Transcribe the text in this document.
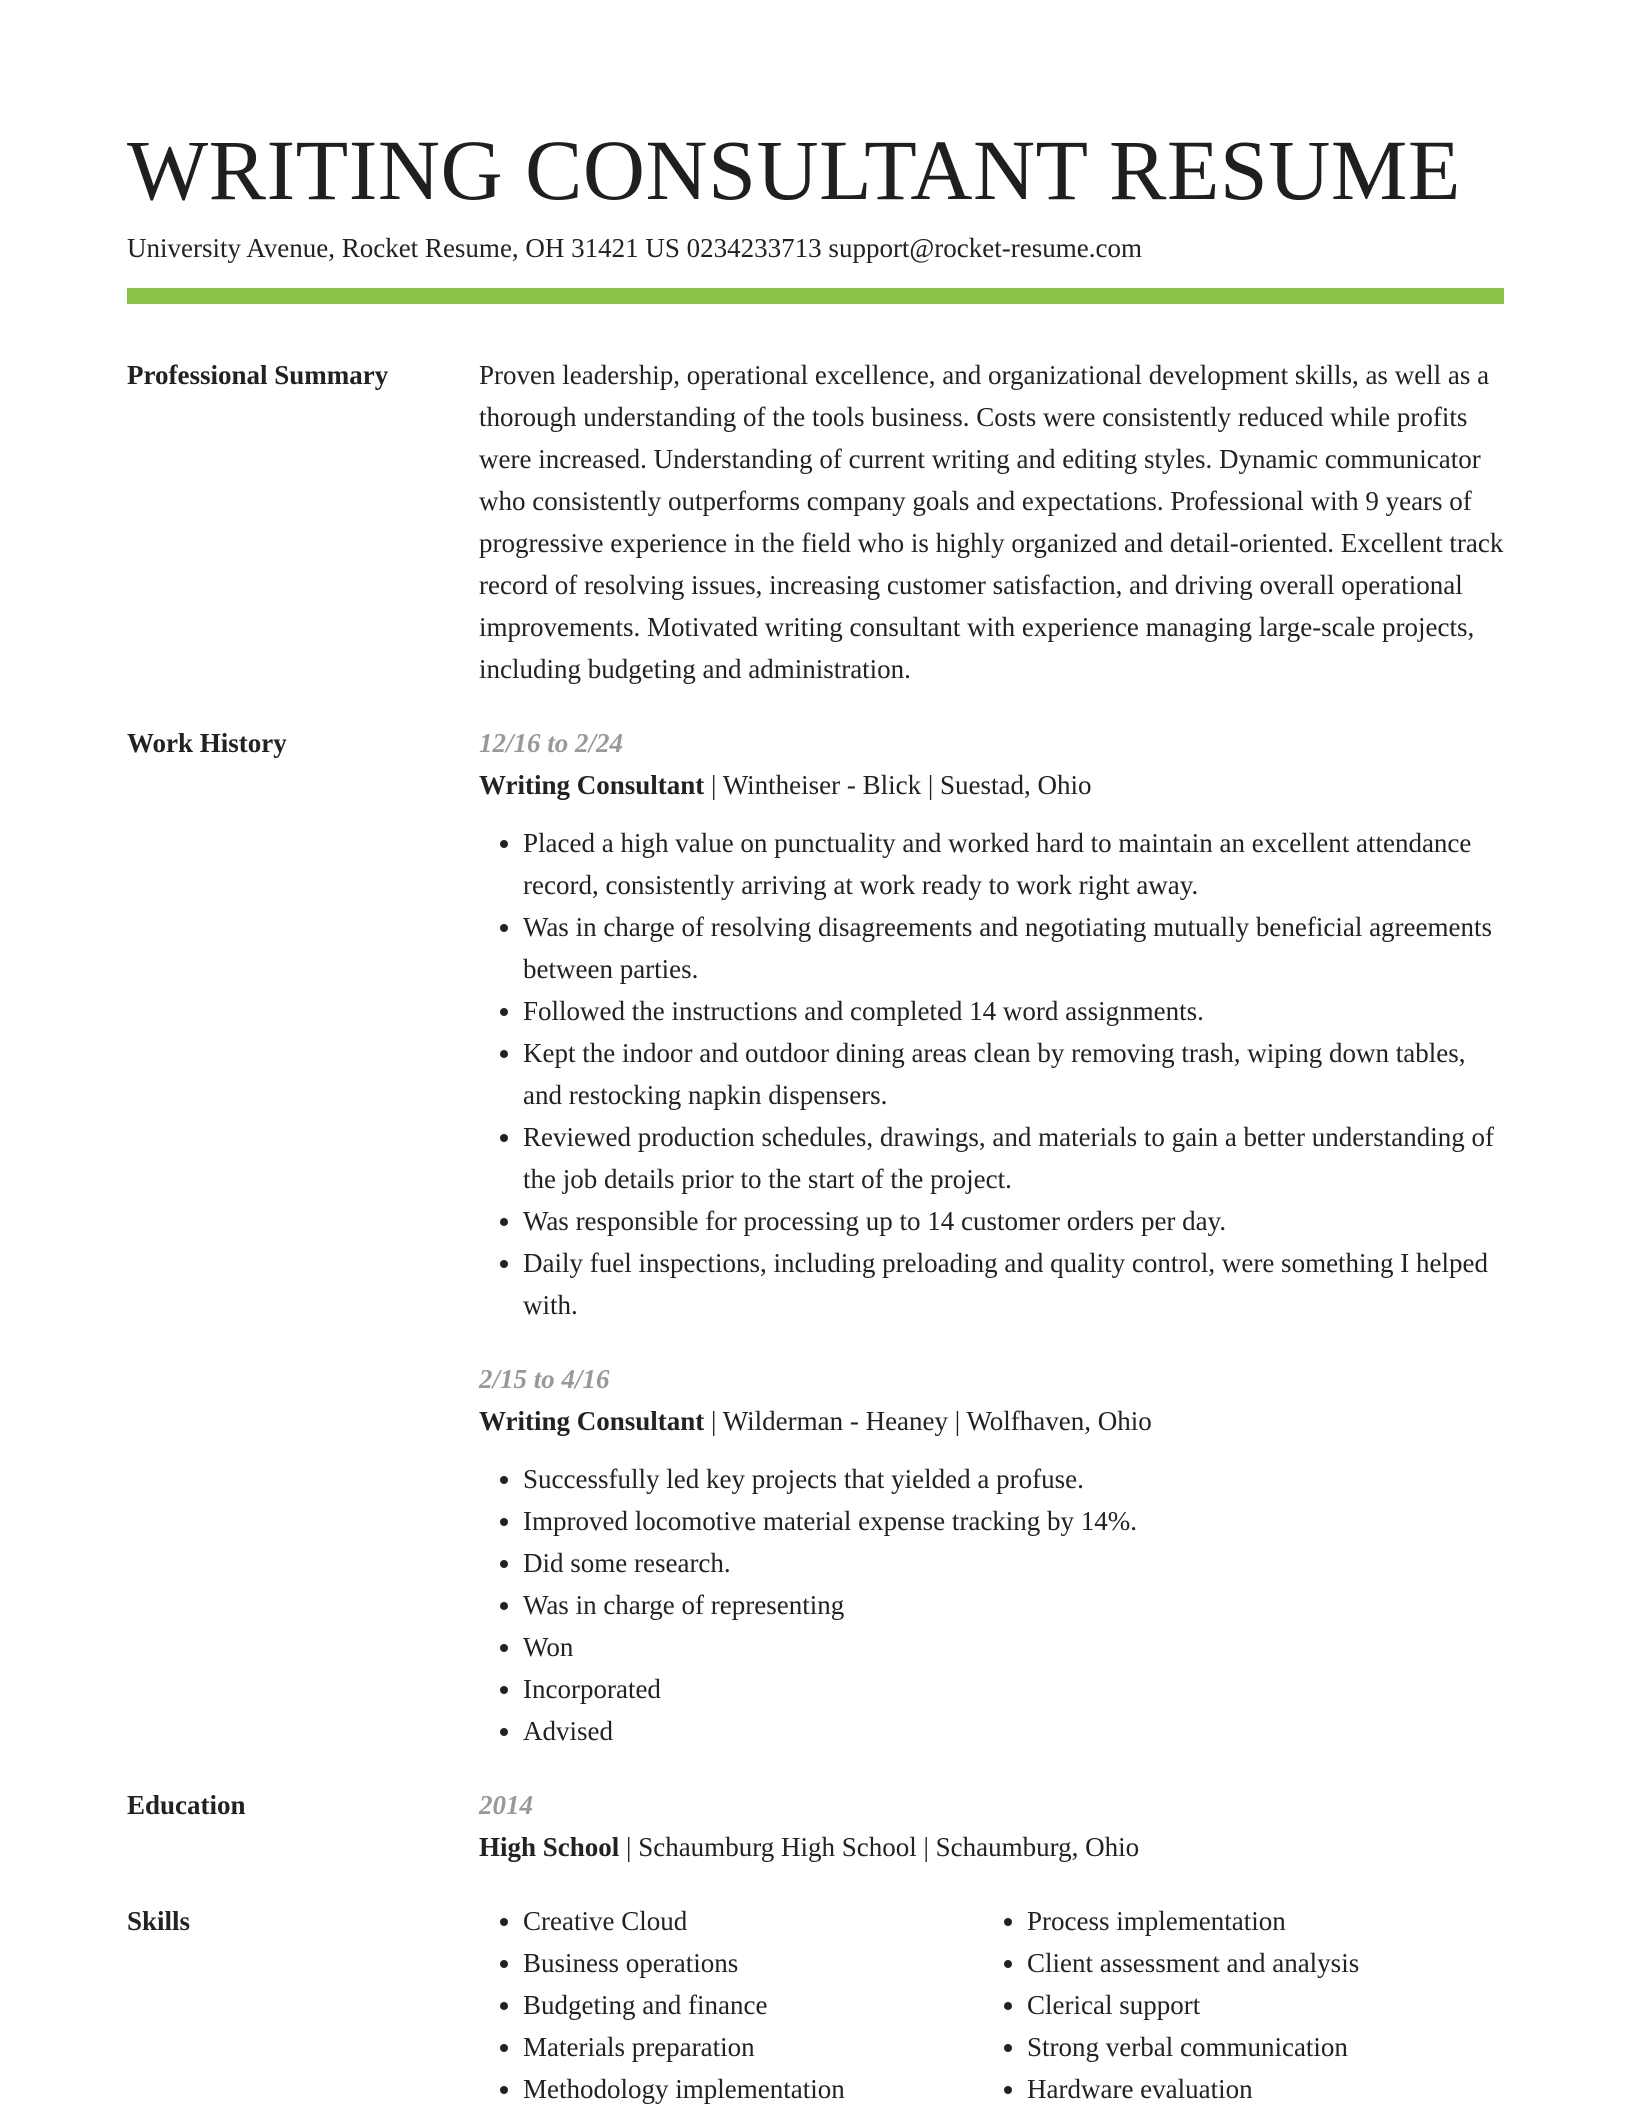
WRITING CONSULTANT RESUME
University Avenue, Rocket Resume, OH 31421 US 0234233713 support@rocket-resume.com
Professional Summary	Proven leadership, operational excellence, and organizational development skills, as well as a thorough understanding of the tools business. Costs were consistently reduced while profits were increased. Understanding of current writing and editing styles. Dynamic communicator who consistently outperforms company goals and expectations. Professional with 9 years of progressive experience in the field who is highly organized and detail-oriented. Excellent track record of resolving issues, increasing customer satisfaction, and driving overall operational improvements. Motivated writing consultant with experience managing large-scale projects, including budgeting and administration.
Work History	12/16 to 2/24
Writing Consultant | Wintheiser - Blick | Suestad, Ohio
• Placed a high value on punctuality and worked hard to maintain an excellent attendance record, consistently arriving at work ready to work right away.
• Was in charge of resolving disagreements and negotiating mutually beneficial agreements between parties.
• Followed the instructions and completed 14 word assignments.
• Kept the indoor and outdoor dining areas clean by removing trash, wiping down tables, and restocking napkin dispensers.
• Reviewed production schedules, drawings, and materials to gain a better understanding of the job details prior to the start of the project.
• Was responsible for processing up to 14 customer orders per day.
• Daily fuel inspections, including preloading and quality control, were something I helped with.
2/15 to 4/16
Writing Consultant | Wilderman - Heaney | Wolfhaven, Ohio
• Successfully led key projects that yielded a profuse.
• Improved locomotive material expense tracking by 14%.
• Did some research.
• Was in charge of representing
• Won
• Incorporated
• Advised
Education	2014
High School | Schaumburg High School | Schaumburg, Ohio
Skills
•	Creative Cloud
• Business operations
• Budgeting and finance
• Materials preparation
• Methodology implementation
• Process implementation
• Client assessment and analysis
• Clerical support
• Strong verbal communication
• Hardware evaluation
